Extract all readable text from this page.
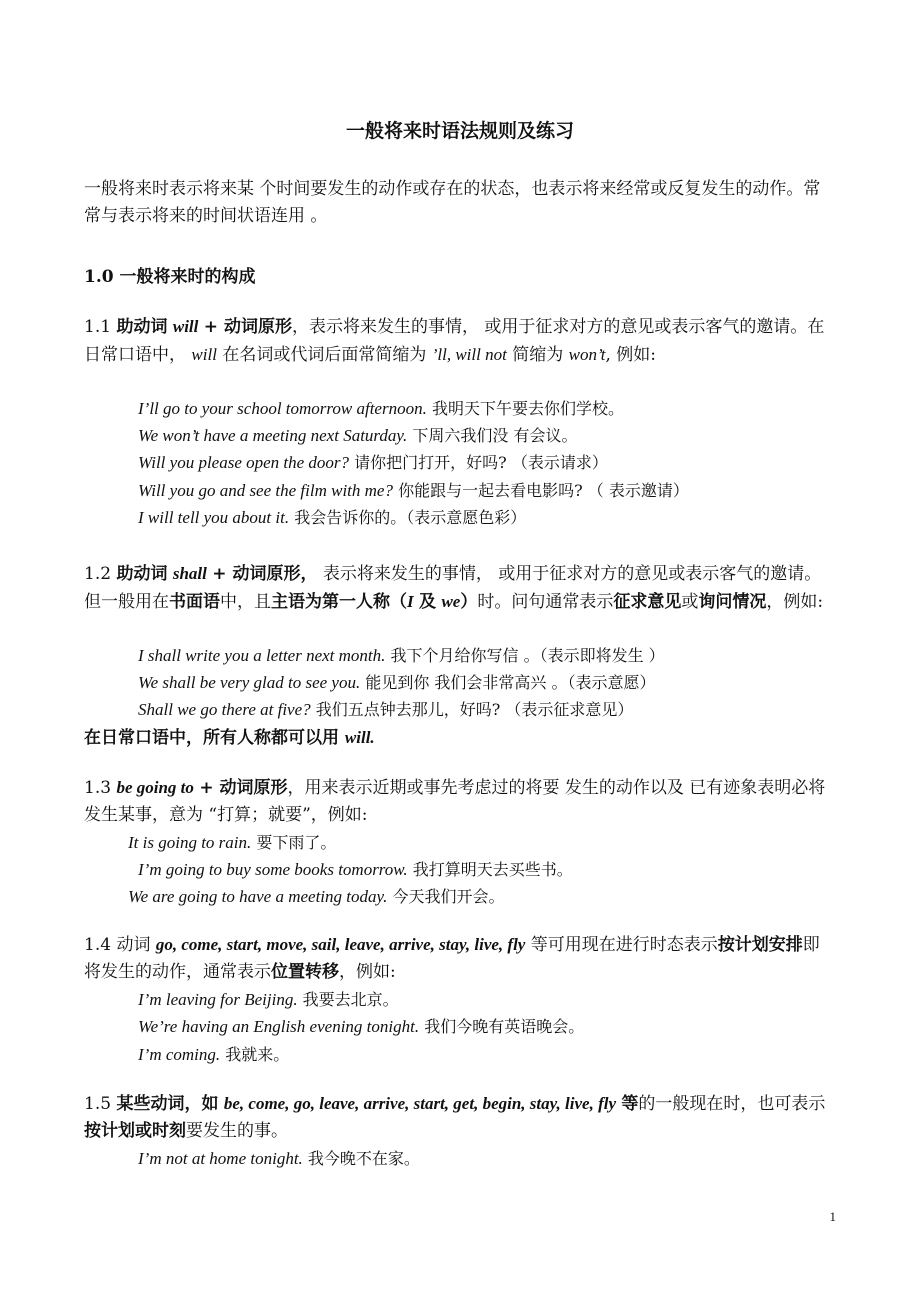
一般将来时语法规则及练习

一般将来时表示将来某 个时间要发生的动作或存在的状态，也表示将来经常或反复发生的动作。常常与表示将来的时间状语连用 。

1.0 一般将来时的构成

1.1 助动词 will + 动词原形，表示将来发生的事情， 或用于征求对方的意见或表示客气的邀请。在日常口语中， will 在名词或代词后面常简缩为 ’ll, will not 简缩为 won’t, 例如:

I’ll go to your school tomorrow afternoon. 我明天下午要去你们学校。
We won’t have a meeting next Saturday. 下周六我们没 有会议。
Will you please open the door? 请你把门打开，好吗? （表示请求）
Will you go and see the film with me? 你能跟与一起去看电影吗? （ 表示邀请）
I will tell you about it. 我会告诉你的。（表示意愿色彩）

1.2 助动词 shall + 动词原形， 表示将来发生的事情， 或用于征求对方的意见或表示客气的邀请。但一般用在书面语中，且主语为第一人称（I 及 we）时。问句通常表示征求意见或询问情况，例如:

I shall write you a letter next month. 我下个月给你写信 。（表示即将发生 ）
We shall be very glad to see you. 能见到你 我们会非常高兴 。（表示意愿）
Shall we go there at five? 我们五点钟去那儿，好吗? （表示征求意见）

在日常口语中，所有人称都可以用 will.

1.3 be going to + 动词原形，用来表示近期或事先考虑过的将要 发生的动作以及 已有迹象表明必将发生某事，意为 “打算；就要”，例如:

It is going to rain. 要下雨了。
I’m going to buy some books tomorrow. 我打算明天去买些书。
We are going to have a meeting today. 今天我们开会。

1.4 动词 go, come, start, move, sail, leave, arrive, stay, live, fly 等可用现在进行时态表示按计划安排即将发生的动作，通常表示位置转移，例如:

I’m leaving for Beijing. 我要去北京。
We’re having an English evening tonight. 我们今晚有英语晚会。
I’m coming. 我就来。

1.5 某些动词，如 be, come, go, leave, arrive, start, get, begin, stay, live, fly 等的一般现在时，也可表示按计划或时刻要发生的事。

I’m not at home tonight. 我今晚不在家。
1
